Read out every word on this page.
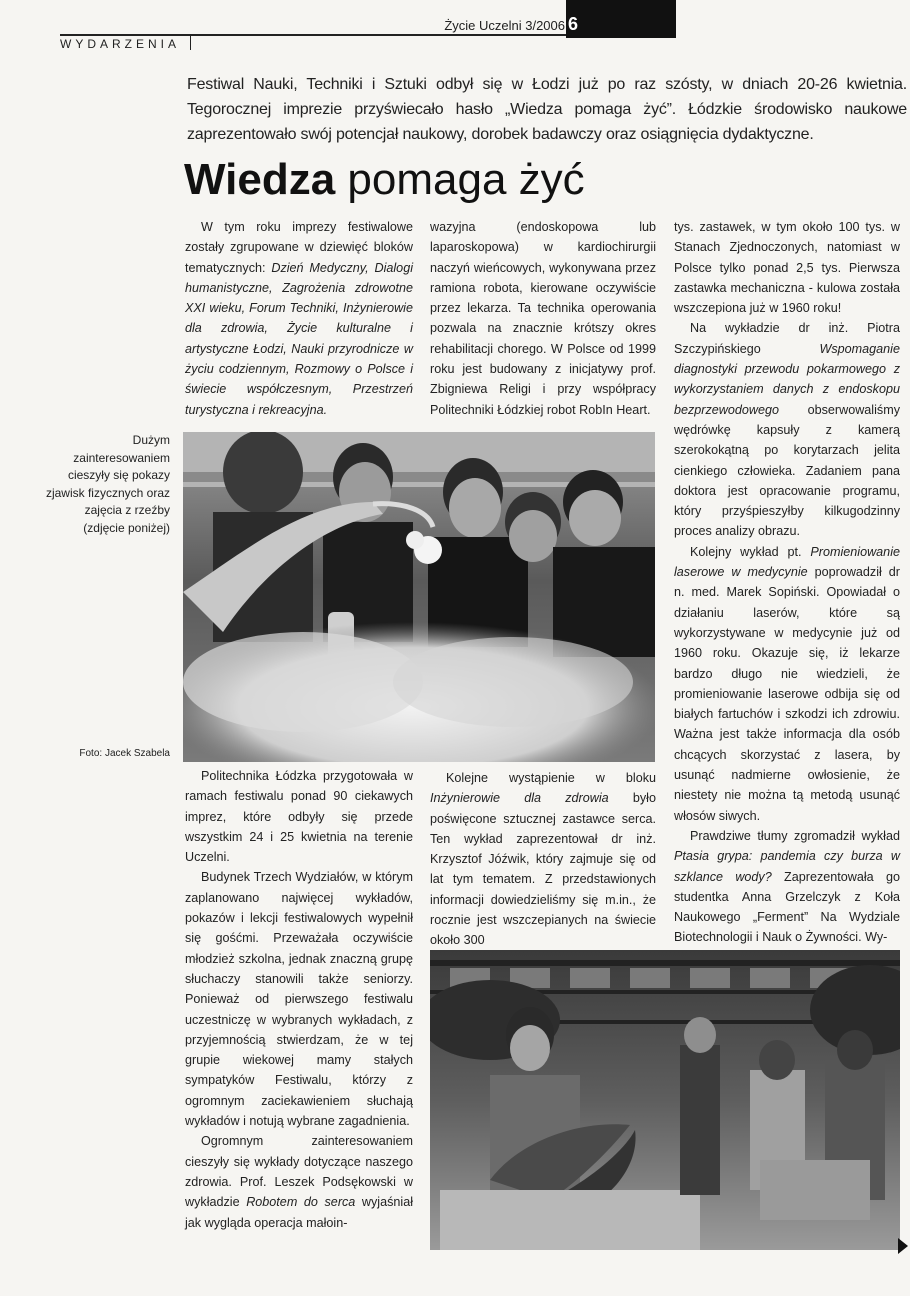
WYDARZENIA
Życie Uczelni 3/2006 6
Festiwal Nauki, Techniki i Sztuki odbył się w Łodzi już po raz szósty, w dniach 20-26 kwietnia. Tegorocznej imprezie przyświecało hasło „Wiedza pomaga żyć”. Łódzkie środowisko naukowe zaprezentowało swój potencjał naukowy, dorobek badawczy oraz osiągnięcia dydaktyczne.
Wiedza pomaga żyć

W tym roku imprezy festiwalowe zostały zgrupowane w dziewięć bloków tematycznych: Dzień Medyczny, Dialogi humanistyczne, Zagrożenia zdrowotne XXI wieku, Forum Techniki, Inżynierowie dla zdrowia, Życie kulturalne i artystyczne Łodzi, Nauki przyrodnicze w życiu codziennym, Rozmowy o Polsce i świecie współczesnym, Przestrzeń turystyczna i rekreacyjna.

wazyjna (endoskopowa lub laparoskopowa) w kardiochirurgii naczyń wieńcowych, wykonywana przez ramiona robota, kierowane oczywiście przez lekarza. Ta technika operowania pozwala na znacznie krótszy okres rehabilitacji chorego. W Polsce od 1999 roku jest budowany z inicjatywy prof. Zbigniewa Religi i przy współpracy Politechniki Łódzkiej robot RobIn Heart.

tys. zastawek, w tym około 100 tys. w Stanach Zjednoczonych, natomiast w Polsce tylko ponad 2,5 tys. Pierwsza zastawka mechaniczna - kulowa została wszczepiona już w 1960 roku!

Na wykładzie dr inż. Piotra Szczypińskiego Wspomaganie diagnostyki przewodu pokarmowego z wykorzystaniem danych z endoskopu bezprzewodowego obserwowaliśmy wędrówkę kapsuły z kamerą szerokokątną po korytarzach jelita cienkiego człowieka. Zadaniem pana doktora jest opracowanie programu, który przyśpieszyłby kilkugodzinny proces analizy obrazu.

Kolejny wykład pt. Promieniowanie laserowe w medycynie poprowadził dr n. med. Marek Sopiński. Opowiadał o działaniu laserów, które są wykorzystywane w medycynie już od 1960 roku. Okazuje się, iż lekarze bardzo długo nie wiedzieli, że promieniowanie laserowe odbija się od białych fartuchów i szkodzi ich zdrowiu. Ważna jest także informacja dla osób chcących skorzystać z lasera, by usunąć nadmierne owłosienie, że niestety nie można tą metodą usunąć włosów siwych.

Prawdziwe tłumy zgromadził wykład Ptasia grypa: pandemia czy burza w szklance wody? Zaprezentowała go studentka Anna Grzelczyk z Koła Naukowego „Ferment” Na Wydziale Biotechnologii i Nauk o Żywności. Wy-

Dużym zainteresowaniem cieszyły się pokazy zjawisk fizycznych oraz zajęcia z rzeźby (zdjęcie poniżej)
Foto: Jacek Szabela

Politechnika Łódzka przygotowała w ramach festiwalu ponad 90 ciekawych imprez, które odbyły się przede wszystkim 24 i 25 kwietnia na terenie Uczelni.

Budynek Trzech Wydziałów, w którym zaplanowano najwięcej wykładów, pokazów i lekcji festiwalowych wypełnił się gośćmi. Przeważała oczywiście młodzież szkolna, jednak znaczną grupę słuchaczy stanowili także seniorzy. Ponieważ od pierwszego festiwalu uczestniczę w wybranych wykładach, z przyjemnością stwierdzam, że w tej grupie wiekowej mamy stałych sympatyków Festiwalu, którzy z ogromnym zaciekawieniem słuchają wykładów i notują wybrane zagadnienia.

Ogromnym zainteresowaniem cieszyły się wykłady dotyczące naszego zdrowia. Prof. Leszek Podsękowski w wykładzie Robotem do serca wyjaśniał jak wygląda operacja małoin-

Kolejne wystąpienie w bloku Inżynierowie dla zdrowia było poświęcone sztucznej zastawce serca. Ten wykład zaprezentował dr inż. Krzysztof Jóźwik, który zajmuje się od lat tym tematem. Z przedstawionych informacji dowiedzieliśmy się m.in., że rocznie jest wszczepianych na świecie około 300
